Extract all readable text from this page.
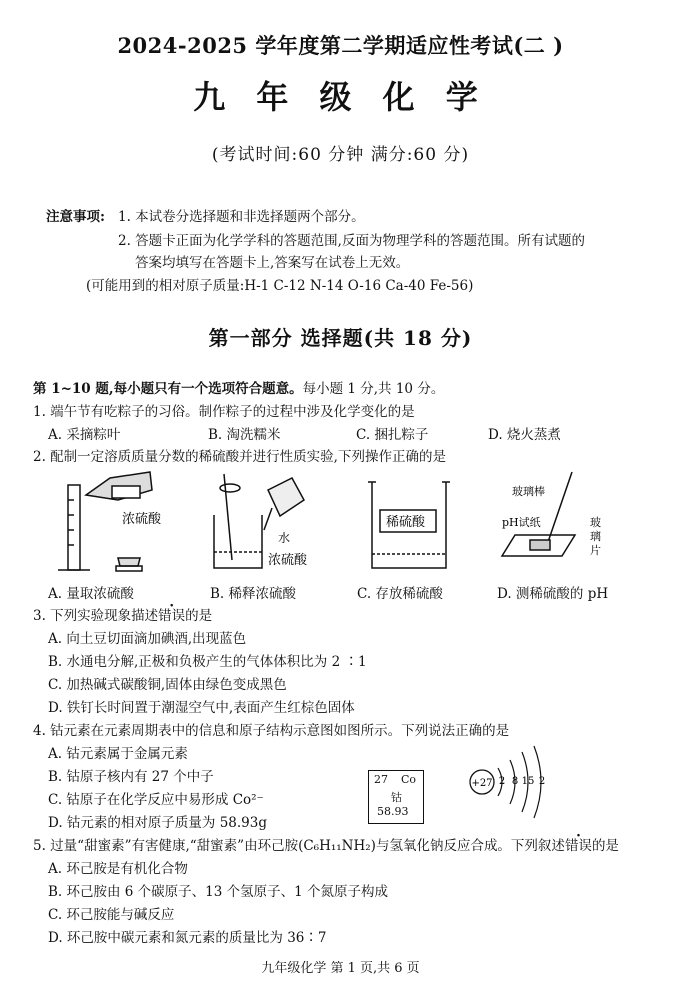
2024-2025 学年度第二学期适应性考试(二 )
九 年 级 化 学
(考试时间:60 分钟 满分:60 分)
注意事项: 1. 本试卷分选择题和非选择题两个部分。
2. 答题卡正面为化学学科的答题范围,反面为物理学科的答题范围。所有试题的
答案均填写在答题卡上,答案写在试卷上无效。
(可能用到的相对原子质量:H-1 C-12 N-14 O-16 Ca-40 Fe-56)
第一部分 选择题(共 18 分)
第 1~10 题,每小题只有一个选项符合题意。每小题 1 分,共 10 分。
1. 端午节有吃粽子的习俗。制作粽子的过程中涉及化学变化的是
A. 采摘粽叶	B. 淘洗糯米	C. 捆扎粽子	D. 烧火蒸煮
2. 配制一定溶质质量分数的稀硫酸并进行性质实验,下列操作正确的是
浓硫酸
水
浓硫酸
稀硫酸
玻璃棒
pH试纸	玻
璃
片
A. 量取浓硫酸	B. 稀释浓硫酸	C. 存放稀硫酸	D. 测稀硫酸的 pH
3. 下列实验现象描述错误的是
A. 向土豆切面滴加碘酒,出现蓝色
B. 水通电分解,正极和负极产生的气体体积比为 2 ∶1
C. 加热碱式碳酸铜,固体由绿色变成黑色
D. 铁钉长时间置于潮湿空气中,表面产生红棕色固体
4. 钴元素在元素周期表中的信息和原子结构示意图如图所示。下列说法正确的是
A. 钴元素属于金属元素
B. 钴原子核内有 27 个中子
C. 钴原子在化学反应中易形成 Co²⁻
D. 钴元素的相对原子质量为 58.93g
27 Co
钴
58.93
+27 2 8 15 2
5. 过量“甜蜜素”有害健康,“甜蜜素”由环己胺(C₆H₁₁NH₂)与氢氧化钠反应合成。下列叙述错误的是
A. 环己胺是有机化合物
B. 环己胺由 6 个碳原子、13 个氢原子、1 个氮原子构成
C. 环己胺能与碱反应
D. 环己胺中碳元素和氮元素的质量比为 36∶7
九年级化学 第 1 页,共 6 页
